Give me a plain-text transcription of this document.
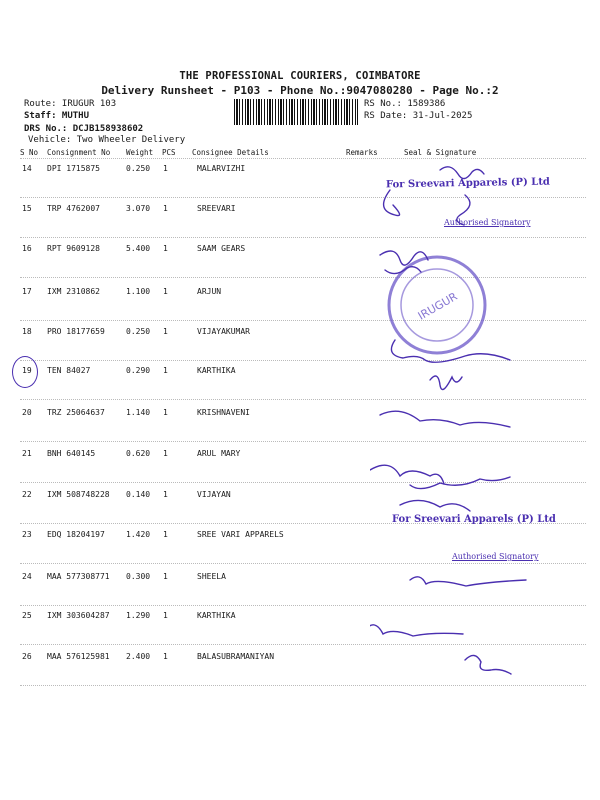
THE PROFESSIONAL COURIERS, COIMBATORE
Delivery Runsheet - P103 - Phone No.:9047080280 - Page No.:2
Route: IRUGUR 103
Staff: MUTHU
DRS No.: DCJB158938602
Vehicle: Two Wheeler Delivery
RS No.: 1589386
RS Date: 31-Jul-2025
S No Consignment No Weight PCS Consignee Details	Remarks	Seal & Signature
14 DPI 1715875	0.250 1	MALARVIZHI
15 TRP 4762007	3.070 1	SREEVARI
16 RPT 9609128	5.400 1	SAAM GEARS
17 IXM 2310862	1.100 1	ARJUN
18 PRO 18177659	0.250 1	VIJAYAKUMAR
19 TEN 84027	0.290 1	KARTHIKA
20 TRZ 25064637	1.140 1	KRISHNAVENI
21 BNH 640145	0.620 1	ARUL MARY
22 IXM 508748228 0.140 1	VIJAYAN
23 EDQ 18204197	1.420 1	SREE VARI APPARELS
24 MAA 577308771 0.300 1	SHEELA
25 IXM 303604287 1.290 1	KARTHIKA
26 MAA 576125981 2.400 1	BALASUBRAMANIYAN
IRUGUR
For Sreevari Apparels (P) Ltd
Authorised Signatory
For Sreevari Apparels (P) Ltd
Authorised Signatory
